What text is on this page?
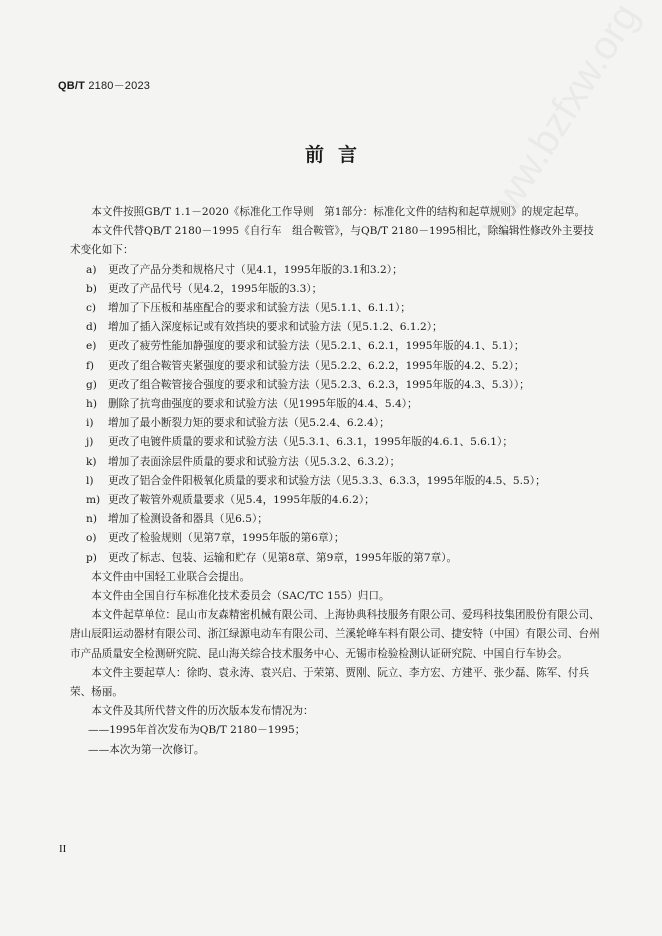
QB/T 2180－2023
前言

本文件按照GB/T 1.1－2020《标准化工作导则　第1部分：标准化文件的结构和起草规则》的规定起草。

本文件代替QB/T 2180－1995《自行车　组合鞍管》，与QB/T 2180－1995相比，除编辑性修改外主要技术变化如下：

a)	更改了产品分类和规格尺寸（见4.1，1995年版的3.1和3.2）；
b)	更改了产品代号（见4.2，1995年版的3.3）；
c)	增加了下压板和基座配合的要求和试验方法（见5.1.1、6.1.1）；
d)	增加了插入深度标记或有效挡块的要求和试验方法（见5.1.2、6.1.2）；
e)	更改了疲劳性能加静强度的要求和试验方法（见5.2.1、6.2.1，1995年版的4.1、5.1）；
f)	更改了组合鞍管夹紧强度的要求和试验方法（见5.2.2、6.2.2，1995年版的4.2、5.2）；
g)	更改了组合鞍管接合强度的要求和试验方法（见5.2.3、6.2.3，1995年版的4.3、5.3））；
h)	删除了抗弯曲强度的要求和试验方法（见1995年版的4.4、5.4）；
i)	增加了最小断裂力矩的要求和试验方法（见5.2.4、6.2.4）；
j)	更改了电镀件质量的要求和试验方法（见5.3.1、6.3.1，1995年版的4.6.1、5.6.1）；
k)	增加了表面涂层件质量的要求和试验方法（见5.3.2、6.3.2）；
l)	更改了铝合金件阳极氧化质量的要求和试验方法（见5.3.3、6.3.3，1995年版的4.5、5.5）；
m) 更改了鞍管外观质量要求（见5.4，1995年版的4.6.2）；
n)	增加了检测设备和器具（见6.5）；
o)	更改了检验规则（见第7章，1995年版的第6章）；
p)	更改了标志、包装、运输和贮存（见第8章、第9章，1995年版的第7章）。

本文件由中国轻工业联合会提出。

本文件由全国自行车标准化技术委员会（SAC/TC 155）归口。

本文件起草单位：昆山市友森精密机械有限公司、上海协典科技服务有限公司、爱玛科技集团股份有限公司、唐山辰阳运动器材有限公司、浙江绿源电动车有限公司、兰溪轮峰车料有限公司、捷安特（中国）有限公司、台州市产品质量安全检测研究院、昆山海关综合技术服务中心、无锡市检验检测认证研究院、中国自行车协会。

本文件主要起草人：徐昀、袁永涛、袁兴启、于荣第、贾刚、阮立、李方宏、方建平、张少磊、陈军、付兵荣、杨丽。

本文件及其所代替文件的历次版本发布情况为：

——1995年首次发布为QB/T 2180－1995；

——本次为第一次修订。

II
